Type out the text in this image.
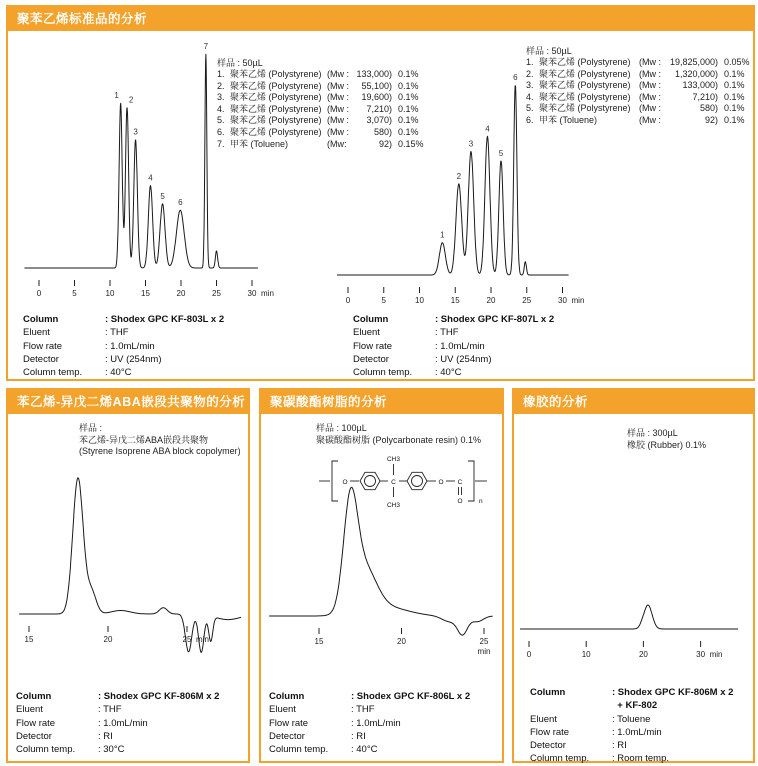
聚苯乙烯标准品的分析
0	5	10	15	20	25	30 min
1 2
3
4
5
6
7
样品 : 50µL
1. 聚苯乙烯 (Polystyrene) (Mw : 133,000) 0.1%
2. 聚苯乙烯 (Polystyrene) (Mw :	55,100) 0.1%
3. 聚苯乙烯 (Polystyrene) (Mw :	19,600) 0.1%
4. 聚苯乙烯 (Polystyrene) (Mw :	7,210) 0.1%
5. 聚苯乙烯 (Polystyrene) (Mw :	3,070) 0.1%
6. 聚苯乙烯 (Polystyrene) (Mw :	580) 0.1%
7. 甲苯 (Toluene)	(Mw:	92) 0.15%
0	5	10	15	20	25	30 min
1
2
3
4
5
6
样品 : 50µL
1. 聚苯乙烯 (Polystyrene) (Mw : 19,825,000) 0.05%
2. 聚苯乙烯 (Polystyrene) (Mw :	1,320,000) 0.1%
3. 聚苯乙烯 (Polystyrene) (Mw :	133,000) 0.1%
4. 聚苯乙烯 (Polystyrene) (Mw :	7,210) 0.1%
5. 聚苯乙烯 (Polystyrene) (Mw :	580) 0.1%
6. 甲苯 (Toluene)	(Mw :	92) 0.1%
Column	: Shodex GPC KF-803L x 2
Eluent	: THF
Flow rate	: 1.0mL/min
Detector	: UV (254nm)
Column temp.	: 40°C
Column	: Shodex GPC KF-807L x 2
Eluent	: THF
Flow rate	: 1.0mL/min
Detector	: UV (254nm)
Column temp.	: 40°C
苯乙烯-异戊二烯ABA嵌段共聚物的分析
样品 :
苯乙烯-异戊二烯ABA嵌段共聚物
(Styrene Isoprene ABA block copolymer)
15	20	25 min
Column	: Shodex GPC KF-806M x 2
Eluent	: THF
Flow rate	: 1.0mL/min
Detector	: RI
Column temp.	: 30°C
聚碳酸酯树脂的分析
样品 : 100µL
聚碳酸酯树脂 (Polycarbonate resin) 0.1%
O	C
CH3
CH3
O C
O	n
15	20	25
min
Column	: Shodex GPC KF-806L x 2
Eluent	: THF
Flow rate	: 1.0mL/min
Detector	: RI
Column temp.	: 40°C
橡胶的分析
样品 : 300µL
橡胶 (Rubber) 0.1%
0	10	20	30 min
Column	: Shodex GPC KF-806M x 2
+ KF-802
Eluent	: Toluene
Flow rate	: 1.0mL/min
Detector	: RI
Column temp.	: Room temp.
